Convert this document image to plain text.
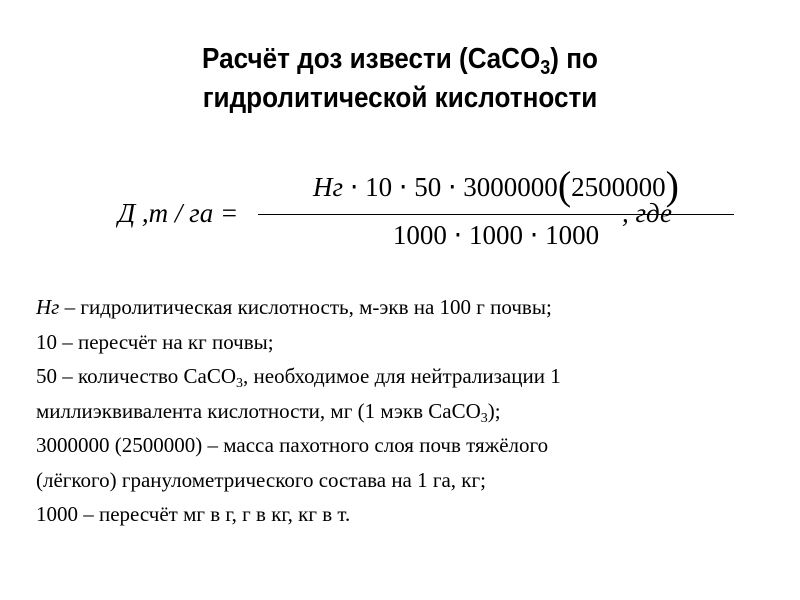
Расчёт доз извести (CaCO$_3$) по
гидролитической кислотности
Д ,т / га =
Нг ⋅ 10 ⋅ 50 ⋅ 3000000(2500000)
1000 ⋅ 1000 ⋅ 1000
, где
Нг – гидролитическая кислотность, м-экв на 100 г почвы;
10 – пересчёт на кг почвы;
50 – количество CaCO$_3$, необходимое для нейтрализации 1
миллиэквивалента кислотности, мг (1 мэкв CaCO$_3$);
3000000 (2500000) – масса пахотного слоя почв тяжёлого
(лёгкого) гранулометрического состава на 1 га, кг;
1000 – пересчёт мг в г, г в кг, кг в т.
